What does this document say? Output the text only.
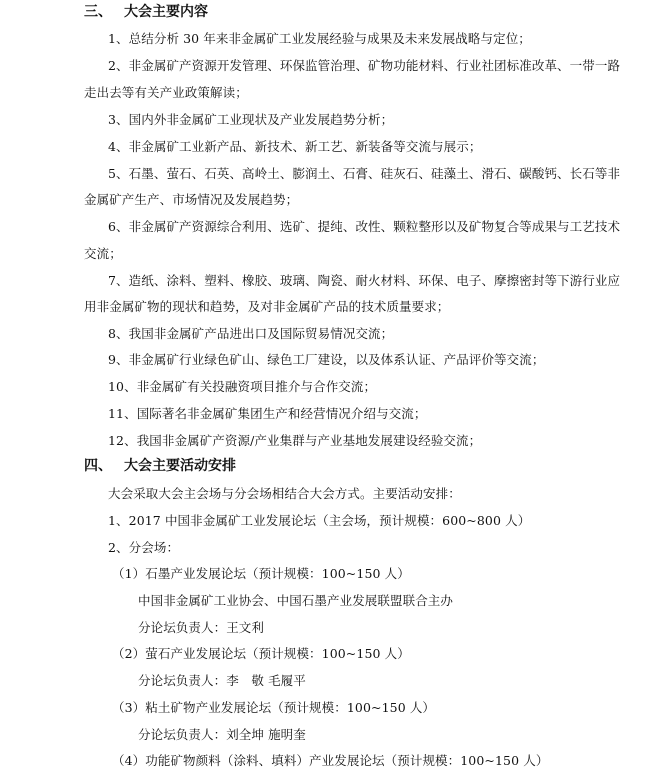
三、 大会主要内容
1、总结分析 30 年来非金属矿工业发展经验与成果及未来发展战略与定位；
2、非金属矿产资源开发管理、环保监管治理、矿物功能材料、行业社团标准改革、一带一路
走出去等有关产业政策解读；
3、国内外非金属矿工业现状及产业发展趋势分析；
4、非金属矿工业新产品、新技术、新工艺、新装备等交流与展示；
5、石墨、萤石、石英、高岭土、膨润土、石膏、硅灰石、硅藻土、滑石、碳酸钙、长石等非
金属矿产生产、市场情况及发展趋势；
6、非金属矿产资源综合利用、选矿、提纯、改性、颗粒整形以及矿物复合等成果与工艺技术
交流；
7、造纸、涂料、塑料、橡胶、玻璃、陶瓷、耐火材料、环保、电子、摩擦密封等下游行业应
用非金属矿物的现状和趋势，及对非金属矿产品的技术质量要求；
8、我国非金属矿产品进出口及国际贸易情况交流；
9、非金属矿行业绿色矿山、绿色工厂建设，以及体系认证、产品评价等交流；
10、非金属矿有关投融资项目推介与合作交流；
11、国际著名非金属矿集团生产和经营情况介绍与交流；
12、我国非金属矿产资源/产业集群与产业基地发展建设经验交流；
四、 大会主要活动安排
大会采取大会主会场与分会场相结合大会方式。主要活动安排：
1、2017 中国非金属矿工业发展论坛（主会场，预计规模：600~800 人）
2、分会场：
（1）石墨产业发展论坛（预计规模：100~150 人）
中国非金属矿工业协会、中国石墨产业发展联盟联合主办
分论坛负责人：王文利
（2）萤石产业发展论坛（预计规模：100~150 人）
分论坛负责人：李　敬 毛履平
（3）粘土矿物产业发展论坛（预计规模：100~150 人）
分论坛负责人：刘全坤 施明奎
（4）功能矿物颜料（涂料、填料）产业发展论坛（预计规模：100~150 人）
